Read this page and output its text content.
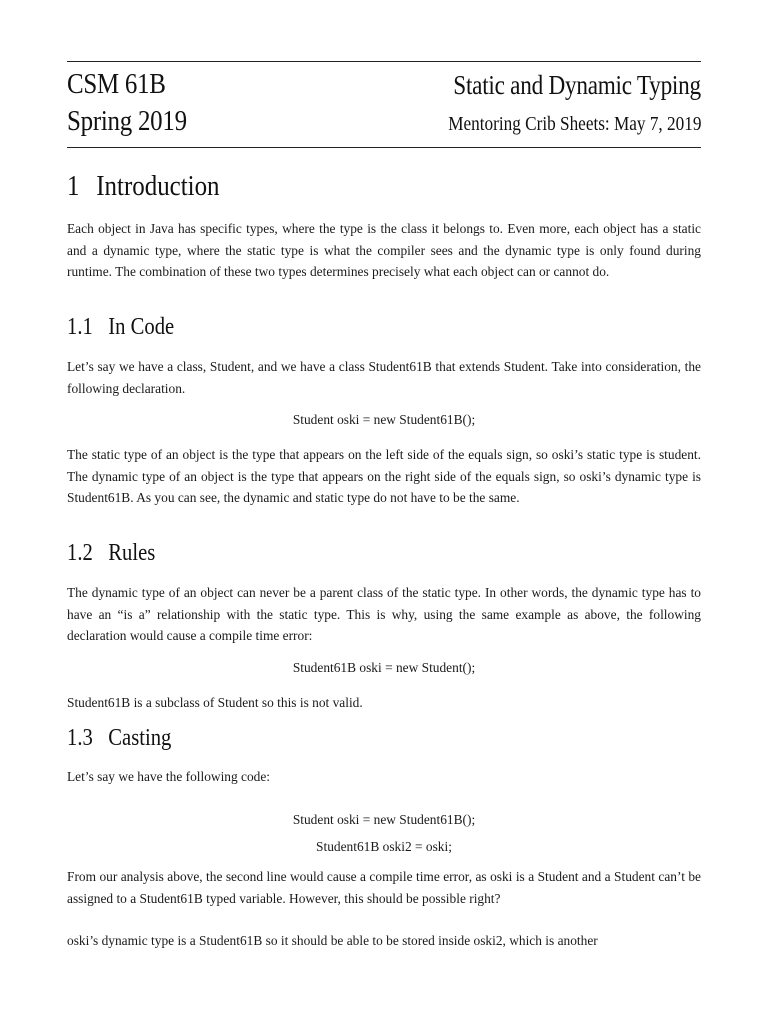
CSM 61B
Spring 2019
Static and Dynamic Typing
Mentoring Crib Sheets: May 7, 2019
1 Introduction

Each object in Java has specific types, where the type is the class it belongs to. Even more, each object has a static and a dynamic type, where the static type is what the compiler sees and the dynamic type is only found during runtime. The combination of these two types determines precisely what each object can or cannot do.

1.1 In Code

Let’s say we have a class, Student, and we have a class Student61B that extends Student. Take into consideration, the following declaration.

Student oski = new Student61B();

The static type of an object is the type that appears on the left side of the equals sign, so oski’s static type is student. The dynamic type of an object is the type that appears on the right side of the equals sign, so oski’s dynamic type is Student61B. As you can see, the dynamic and static type do not have to be the same.

1.2 Rules

The dynamic type of an object can never be a parent class of the static type. In other words, the dynamic type has to have an “is a” relationship with the static type. This is why, using the same example as above, the following declaration would cause a compile time error:

Student61B oski = new Student();

Student61B is a subclass of Student so this is not valid.

1.3 Casting

Let’s say we have the following code:

Student oski = new Student61B();
Student61B oski2 = oski;

From our analysis above, the second line would cause a compile time error, as oski is a Student and a Student can’t be assigned to a Student61B typed variable. However, this should be possible right?

oski’s dynamic type is a Student61B so it should be able to be stored inside oski2, which is another
